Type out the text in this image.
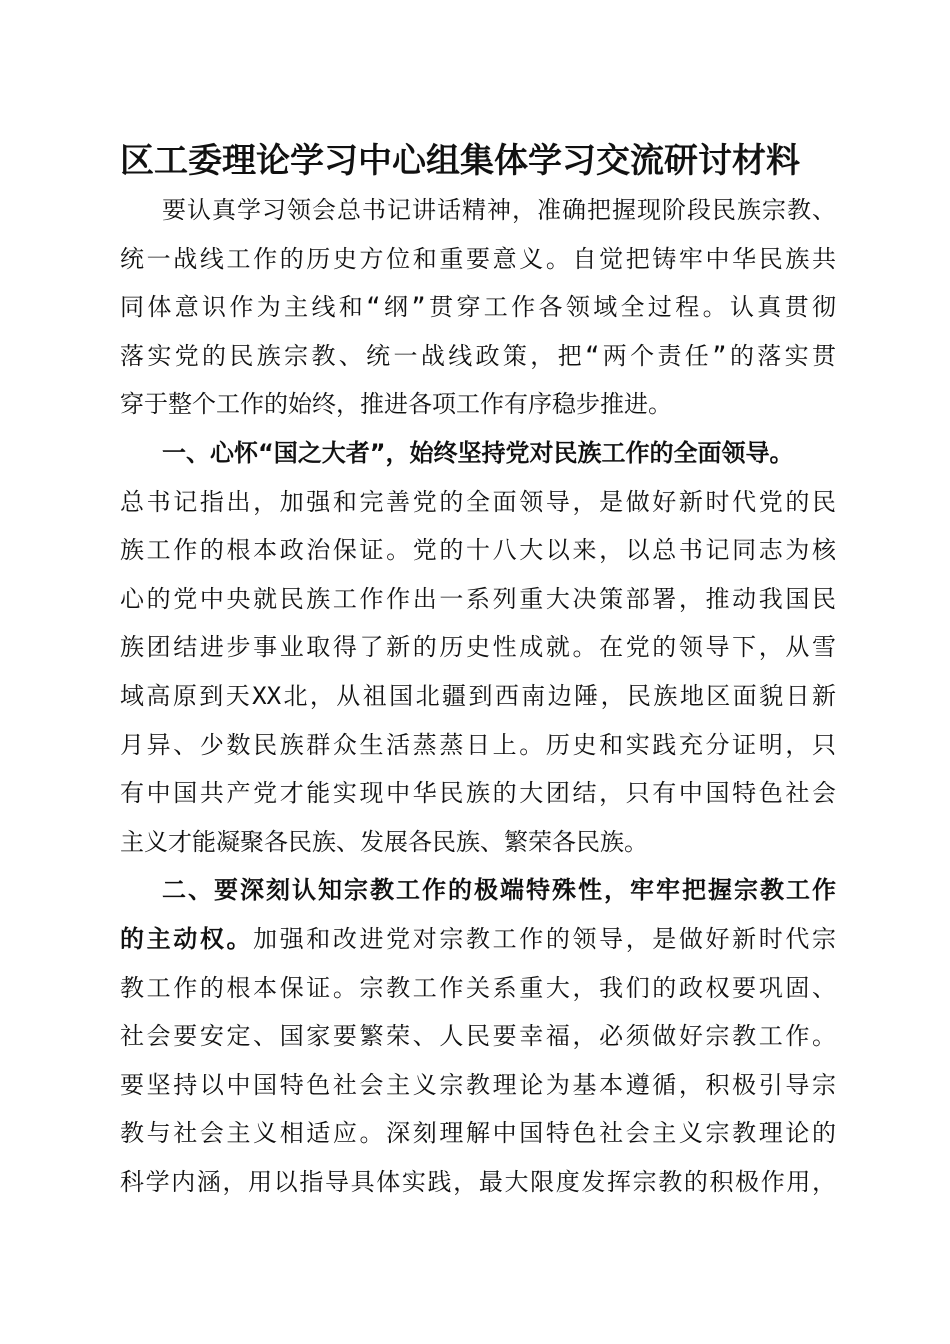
区工委理论学习中心组集体学习交流研讨材料
要认真学习领会总书记讲话精神，准确把握现阶段民族宗教、
统一战线工作的历史方位和重要意义。自觉把铸牢中华民族共
同体意识作为主线和“纲”贯穿工作各领域全过程。认真贯彻
落实党的民族宗教、统一战线政策，把“两个责任”的落实贯
穿于整个工作的始终，推进各项工作有序稳步推进。
一、心怀“国之大者”，始终坚持党对民族工作的全面领导。
总书记指出，加强和完善党的全面领导，是做好新时代党的民
族工作的根本政治保证。党的十八大以来，以总书记同志为核
心的党中央就民族工作作出一系列重大决策部署，推动我国民
族团结进步事业取得了新的历史性成就。在党的领导下，从雪
域高原到天XX北，从祖国北疆到西南边陲，民族地区面貌日新
月异、少数民族群众生活蒸蒸日上。历史和实践充分证明，只
有中国共产党才能实现中华民族的大团结，只有中国特色社会
主义才能凝聚各民族、发展各民族、繁荣各民族。
二、要深刻认知宗教工作的极端特殊性，牢牢把握宗教工作
的主动权。加强和改进党对宗教工作的领导，是做好新时代宗
教工作的根本保证。宗教工作关系重大，我们的政权要巩固、
社会要安定、国家要繁荣、人民要幸福，必须做好宗教工作。
要坚持以中国特色社会主义宗教理论为基本遵循，积极引导宗
教与社会主义相适应。深刻理解中国特色社会主义宗教理论的
科学内涵，用以指导具体实践，最大限度发挥宗教的积极作用，
